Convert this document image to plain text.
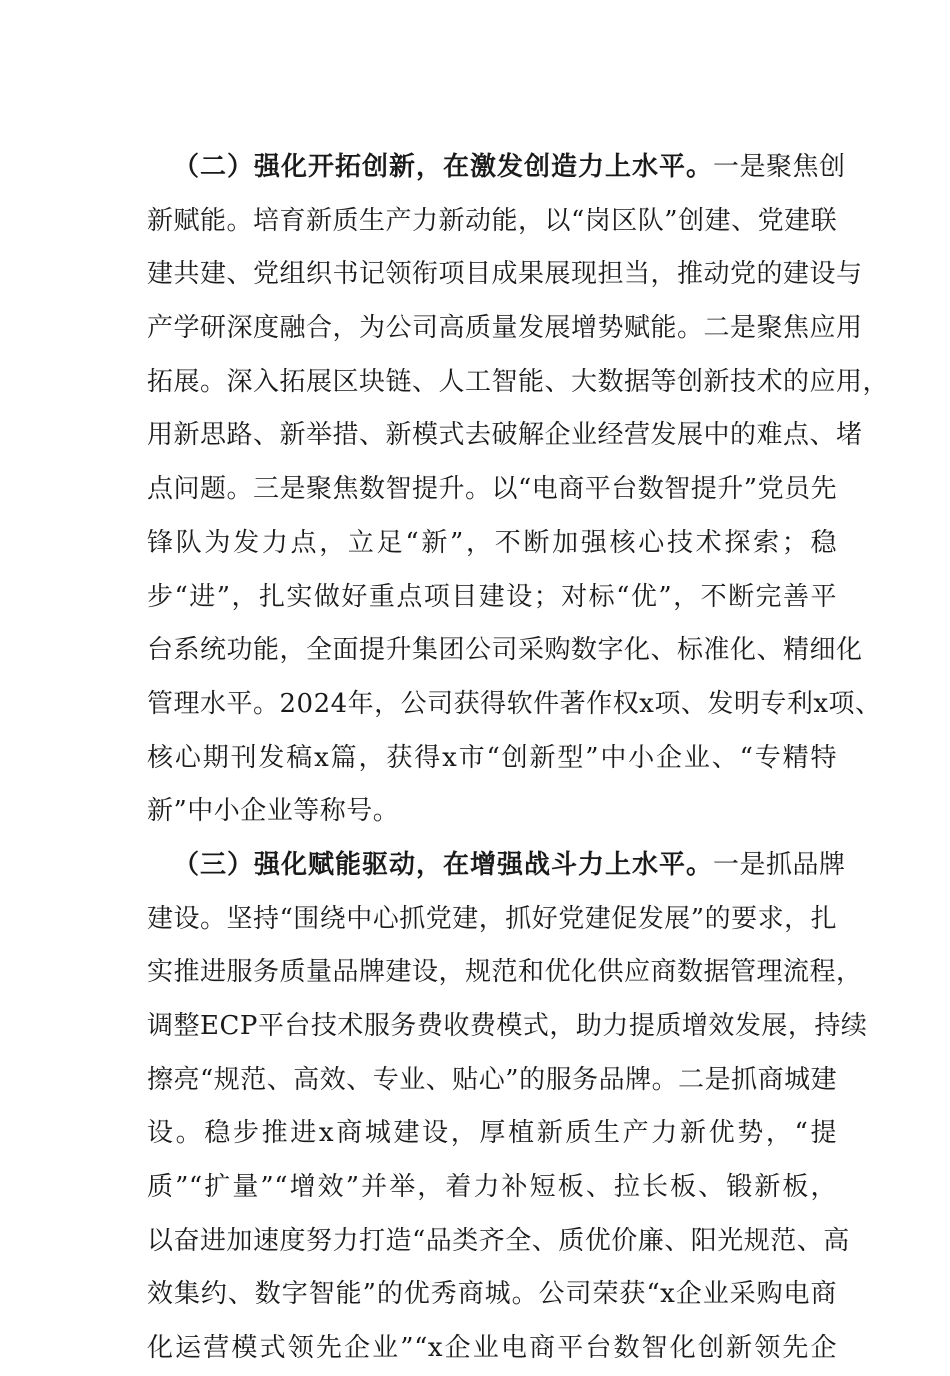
（二）强化开拓创新，在激发创造力上水平。一是聚焦创
新赋能。培育新质生产力新动能，以“岗区队”创建、党建联
建共建、党组织书记领衔项目成果展现担当，推动党的建设与
产学研深度融合，为公司高质量发展增势赋能。二是聚焦应用
拓展。深入拓展区块链、人工智能、大数据等创新技术的应用，
用新思路、新举措、新模式去破解企业经营发展中的难点、堵
点问题。三是聚焦数智提升。以“电商平台数智提升”党员先
锋队为发力点，立足“新”，不断加强核心技术探索；稳
步“进”，扎实做好重点项目建设；对标“优”，不断完善平
台系统功能，全面提升集团公司采购数字化、标准化、精细化
管理水平。2024年，公司获得软件著作权x项、发明专利x项、
核心期刊发稿x篇，获得x市“创新型”中小企业、“专精特
新”中小企业等称号。
（三）强化赋能驱动，在增强战斗力上水平。一是抓品牌
建设。坚持“围绕中心抓党建，抓好党建促发展”的要求，扎
实推进服务质量品牌建设，规范和优化供应商数据管理流程，
调整ECP平台技术服务费收费模式，助力提质增效发展，持续
擦亮“规范、高效、专业、贴心”的服务品牌。二是抓商城建
设。稳步推进x商城建设，厚植新质生产力新优势，“提
质”“扩量”“增效”并举，着力补短板、拉长板、锻新板，
以奋进加速度努力打造“品类齐全、质优价廉、阳光规范、高
效集约、数字智能”的优秀商城。公司荣获“x企业采购电商
化运营模式领先企业”“x企业电商平台数智化创新领先企
